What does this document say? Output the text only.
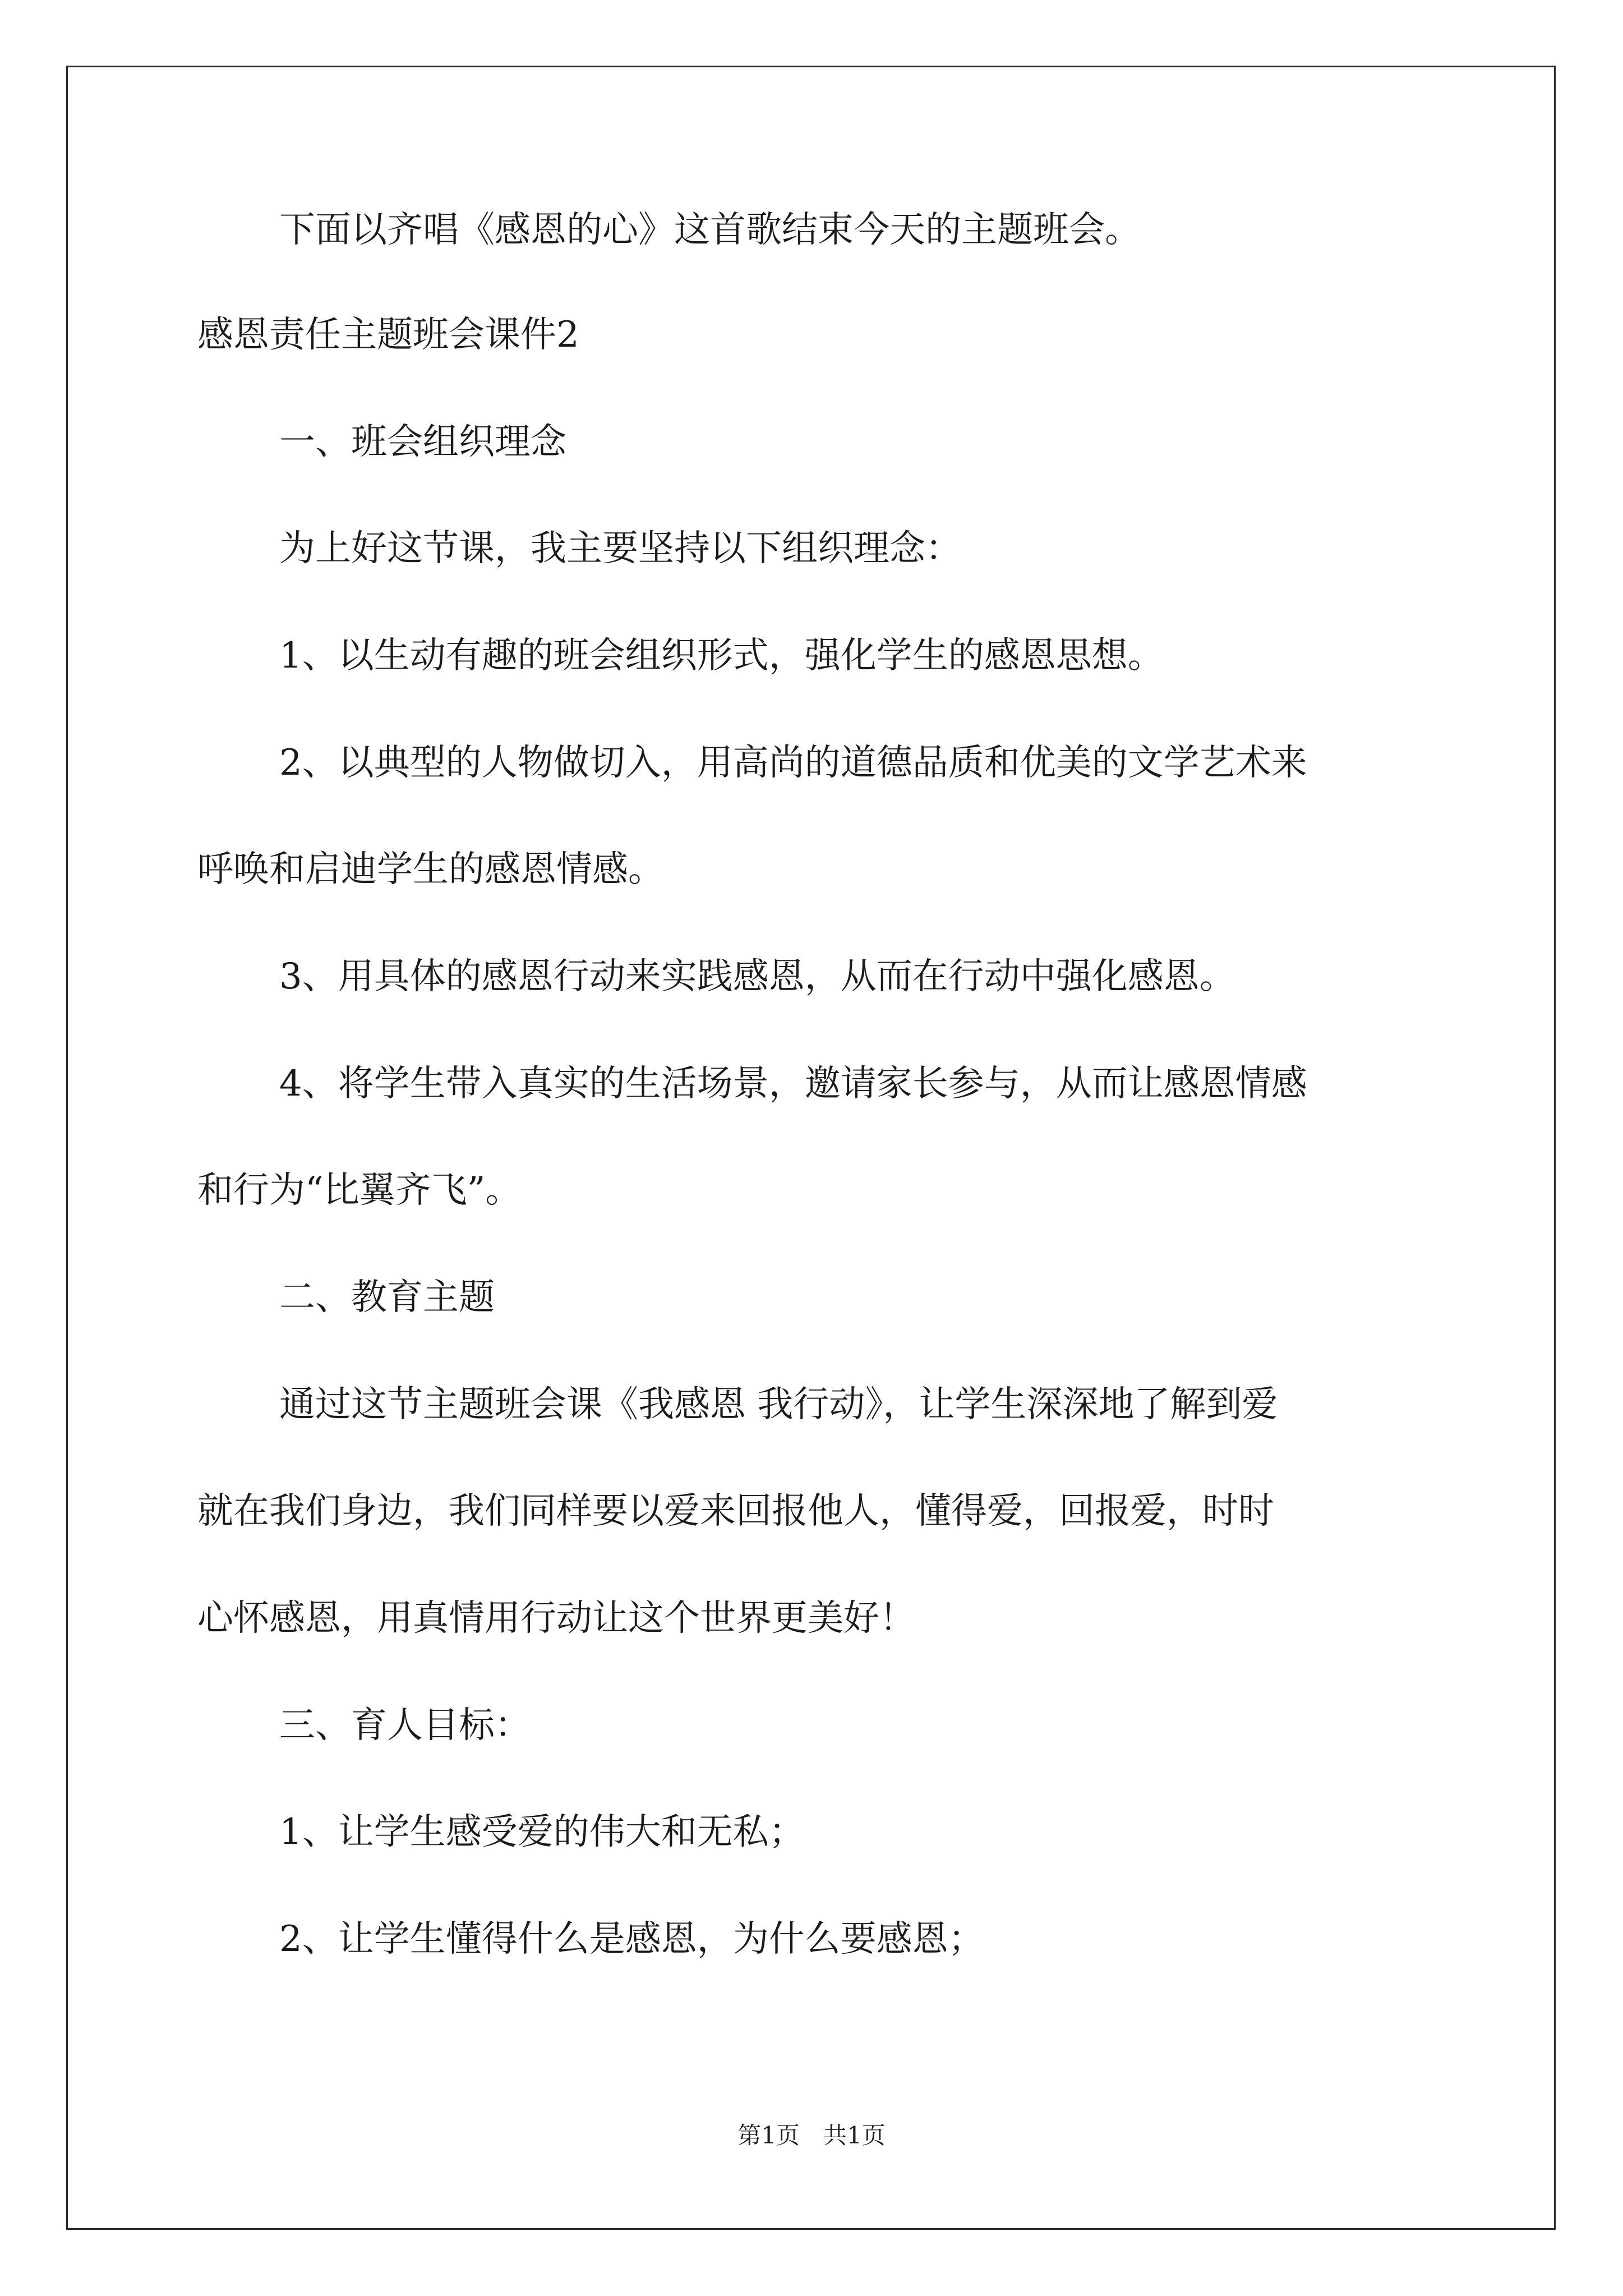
下面以齐唱《感恩的心》这首歌结束今天的主题班会。
感恩责任主题班会课件2
一、班会组织理念
为上好这节课，我主要坚持以下组织理念：
1、以生动有趣的班会组织形式，强化学生的感恩思想。
2、以典型的人物做切入，用高尚的道德品质和优美的文学艺术来
呼唤和启迪学生的感恩情感。
3、用具体的感恩行动来实践感恩，从而在行动中强化感恩。
4、将学生带入真实的生活场景，邀请家长参与，从而让感恩情感
和行为“比翼齐飞”。
二、教育主题
通过这节主题班会课《我感恩 我行动》，让学生深深地了解到爱
就在我们身边，我们同样要以爱来回报他人，懂得爱，回报爱，时时
心怀感恩，用真情用行动让这个世界更美好！
三、育人目标：
1、让学生感受爱的伟大和无私；
2、让学生懂得什么是感恩，为什么要感恩；
第1页　共1页
